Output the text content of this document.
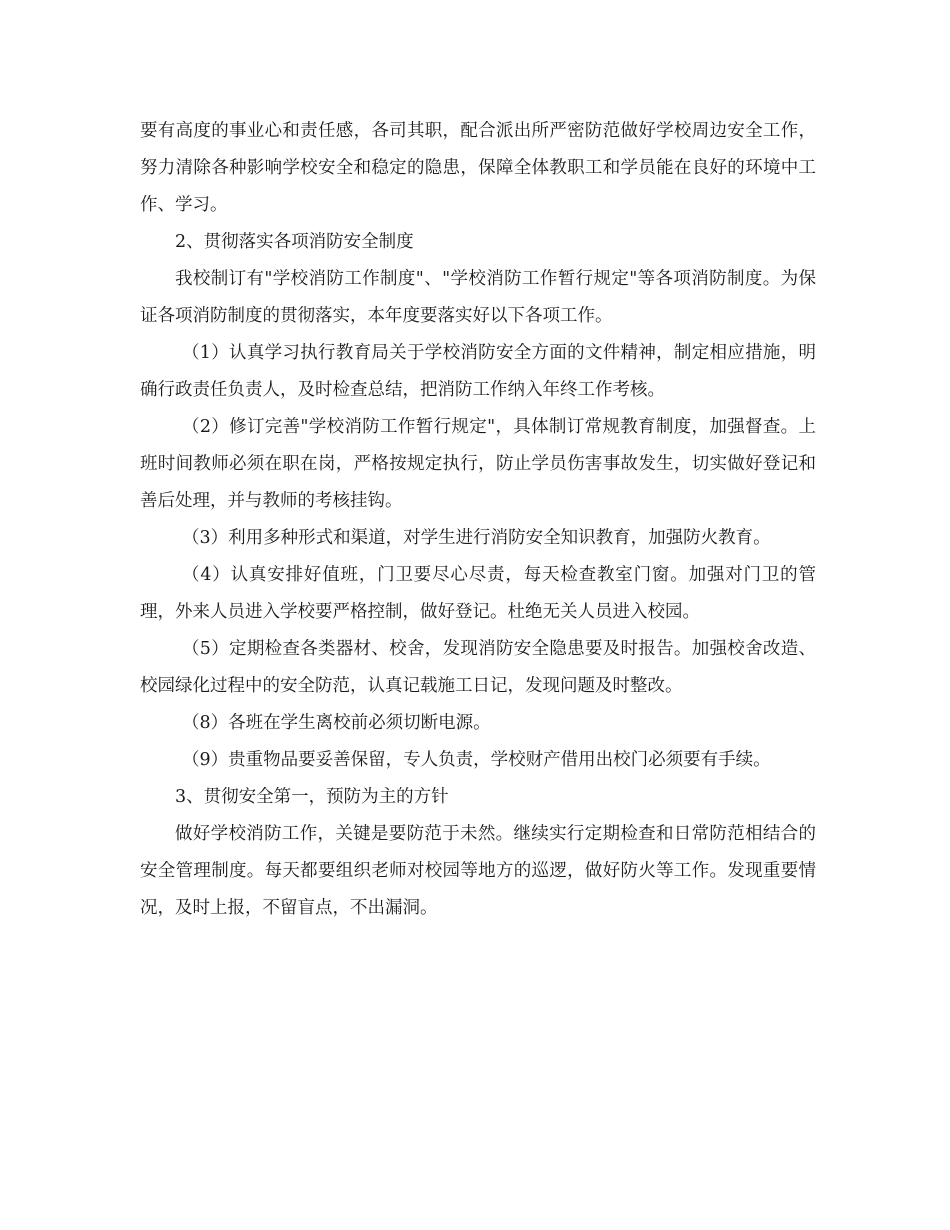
要有高度的事业心和责任感，各司其职，配合派出所严密防范做好学校周边安全工作，努力清除各种影响学校安全和稳定的隐患，保障全体教职工和学员能在良好的环境中工作、学习。

2、贯彻落实各项消防安全制度

我校制订有"学校消防工作制度"、"学校消防工作暂行规定"等各项消防制度。为保证各项消防制度的贯彻落实，本年度要落实好以下各项工作。

（1）认真学习执行教育局关于学校消防安全方面的文件精神，制定相应措施，明确行政责任负责人，及时检查总结，把消防工作纳入年终工作考核。

（2）修订完善"学校消防工作暂行规定"，具体制订常规教育制度，加强督查。上班时间教师必须在职在岗，严格按规定执行，防止学员伤害事故发生，切实做好登记和善后处理，并与教师的考核挂钩。

（3）利用多种形式和渠道，对学生进行消防安全知识教育，加强防火教育。

（4）认真安排好值班，门卫要尽心尽责，每天检查教室门窗。加强对门卫的管理，外来人员进入学校要严格控制，做好登记。杜绝无关人员进入校园。

（5）定期检查各类器材、校舍，发现消防安全隐患要及时报告。加强校舍改造、校园绿化过程中的安全防范，认真记载施工日记，发现问题及时整改。

（8）各班在学生离校前必须切断电源。

（9）贵重物品要妥善保留，专人负责，学校财产借用出校门必须要有手续。

3、贯彻安全第一，预防为主的方针

做好学校消防工作，关键是要防范于未然。继续实行定期检查和日常防范相结合的安全管理制度。每天都要组织老师对校园等地方的巡逻，做好防火等工作。发现重要情况，及时上报，不留盲点，不出漏洞。
